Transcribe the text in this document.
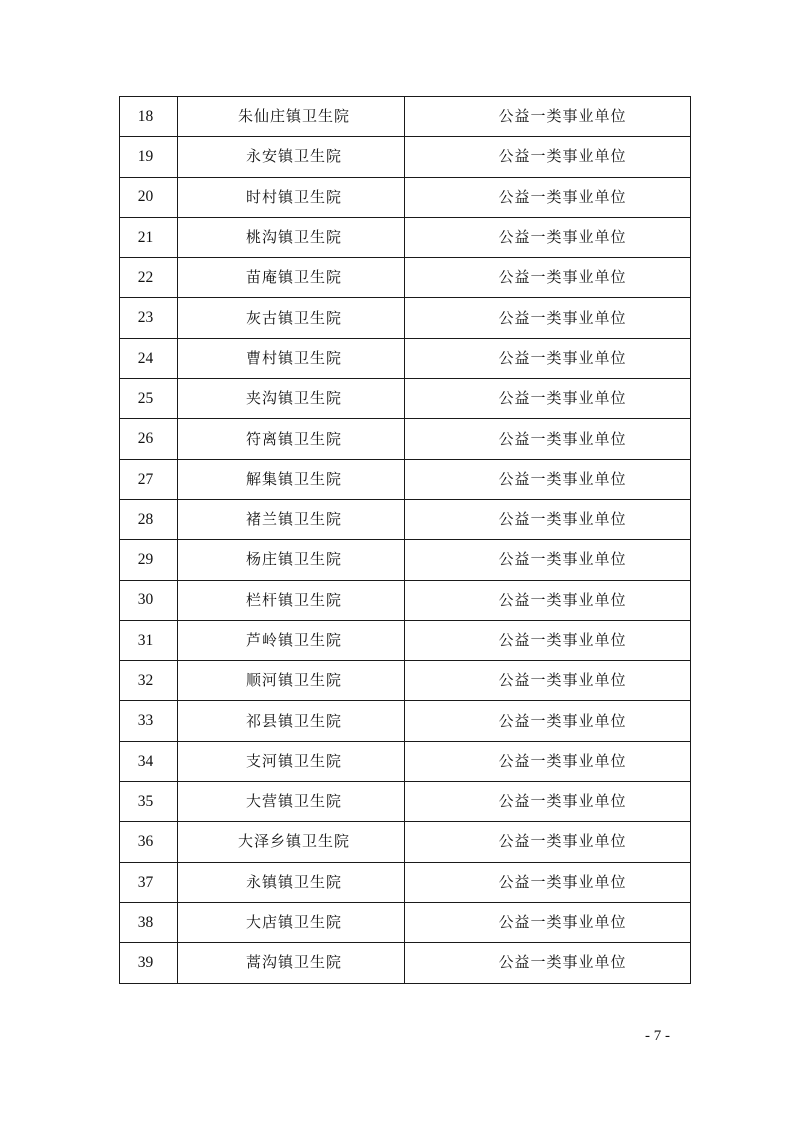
18	朱仙庄镇卫生院	公益一类事业单位
19	永安镇卫生院	公益一类事业单位
20	时村镇卫生院	公益一类事业单位
21	桃沟镇卫生院	公益一类事业单位
22	苗庵镇卫生院	公益一类事业单位
23	灰古镇卫生院	公益一类事业单位
24	曹村镇卫生院	公益一类事业单位
25	夹沟镇卫生院	公益一类事业单位
26	符离镇卫生院	公益一类事业单位
27	解集镇卫生院	公益一类事业单位
28	褚兰镇卫生院	公益一类事业单位
29	杨庄镇卫生院	公益一类事业单位
30	栏杆镇卫生院	公益一类事业单位
31	芦岭镇卫生院	公益一类事业单位
32	顺河镇卫生院	公益一类事业单位
33	祁县镇卫生院	公益一类事业单位
34	支河镇卫生院	公益一类事业单位
35	大营镇卫生院	公益一类事业单位
36	大泽乡镇卫生院	公益一类事业单位
37	永镇镇卫生院	公益一类事业单位
38	大店镇卫生院	公益一类事业单位
39	蒿沟镇卫生院	公益一类事业单位
- 7 -
